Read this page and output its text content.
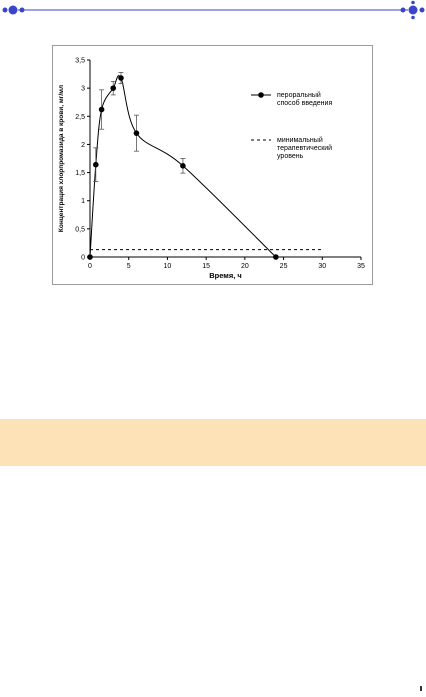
0
0,5
1
1,5
2
2,5
3
3,5
0	5	10	15	20	25	30	35
Время, ч
Концентрация хлорпромазида в крови, мг/мл	пероральный
способ введения
минимальный
терапевтический
уровень
